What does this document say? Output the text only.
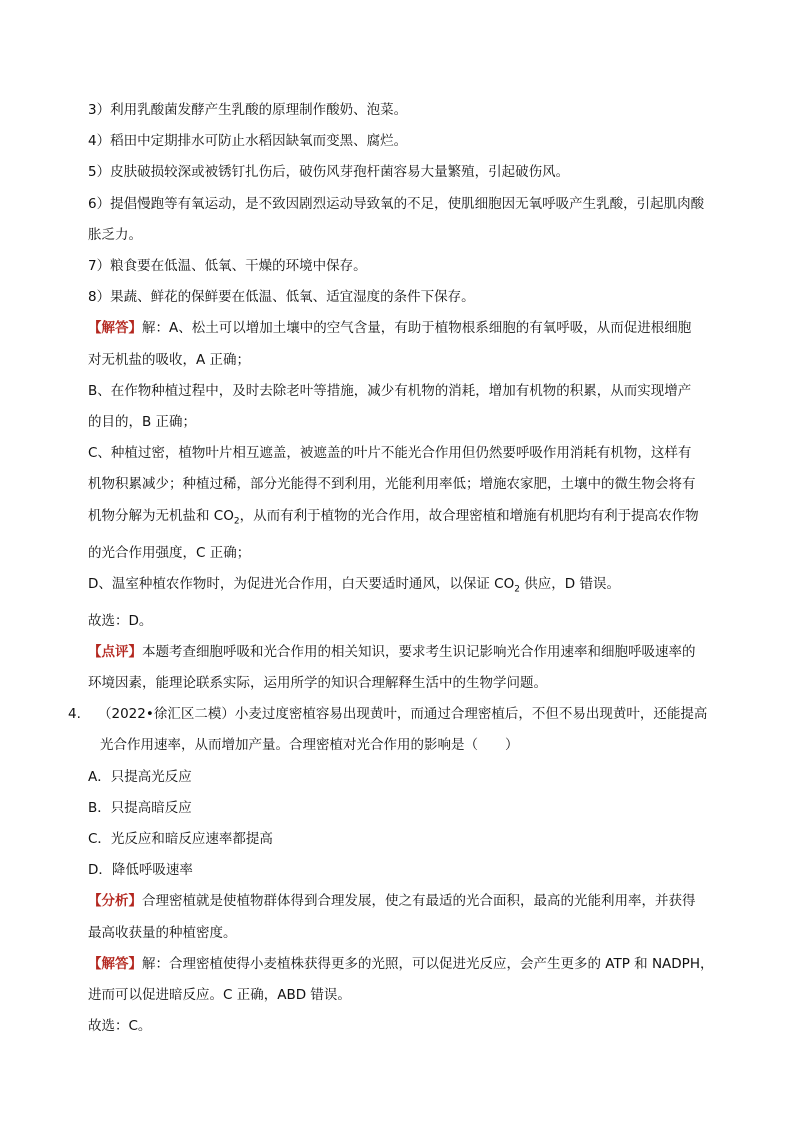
3）利用乳酸菌发酵产生乳酸的原理制作酸奶、泡菜。
4）稻田中定期排水可防止水稻因缺氧而变黑、腐烂。
5）皮肤破损较深或被锈钉扎伤后，破伤风芽孢杆菌容易大量繁殖，引起破伤风。
6）提倡慢跑等有氧运动，是不致因剧烈运动导致氧的不足，使肌细胞因无氧呼吸产生乳酸，引起肌肉酸
胀乏力。
7）粮食要在低温、低氧、干燥的环境中保存。
8）果蔬、鲜花的保鲜要在低温、低氧、适宜湿度的条件下保存。
【解答】解：A、松土可以增加土壤中的空气含量，有助于植物根系细胞的有氧呼吸，从而促进根细胞
对无机盐的吸收，A 正确；
B、在作物种植过程中，及时去除老叶等措施，减少有机物的消耗，增加有机物的积累，从而实现增产
的目的，B 正确；
C、种植过密，植物叶片相互遮盖，被遮盖的叶片不能光合作用但仍然要呼吸作用消耗有机物，这样有
机物积累减少；种植过稀，部分光能得不到利用，光能利用率低；增施农家肥，土壤中的微生物会将有
机物分解为无机盐和 $CO_2$，从而有利于植物的光合作用，故合理密植和增施有机肥均有利于提高农作物
的光合作用强度，C 正确；
D、温室种植农作物时，为促进光合作用，白天要适时通风，以保证 $CO_2$ 供应，D 错误。
故选：D。
【点评】本题考查细胞呼吸和光合作用的相关知识，要求考生识记影响光合作用速率和细胞呼吸速率的
环境因素，能理论联系实际，运用所学的知识合理解释生活中的生物学问题。
4. （2022•徐汇区二模）小麦过度密植容易出现黄叶，而通过合理密植后，不但不易出现黄叶，还能提高
光合作用速率，从而增加产量。合理密植对光合作用的影响是（　　）
A．只提高光反应
B．只提高暗反应
C．光反应和暗反应速率都提高
D．降低呼吸速率
【分析】合理密植就是使植物群体得到合理发展，使之有最适的光合面积，最高的光能利用率，并获得
最高收获量的种植密度。
【解答】解：合理密植使得小麦植株获得更多的光照，可以促进光反应，会产生更多的 ATP 和 NADPH，
进而可以促进暗反应。C 正确，ABD 错误。
故选：C。
